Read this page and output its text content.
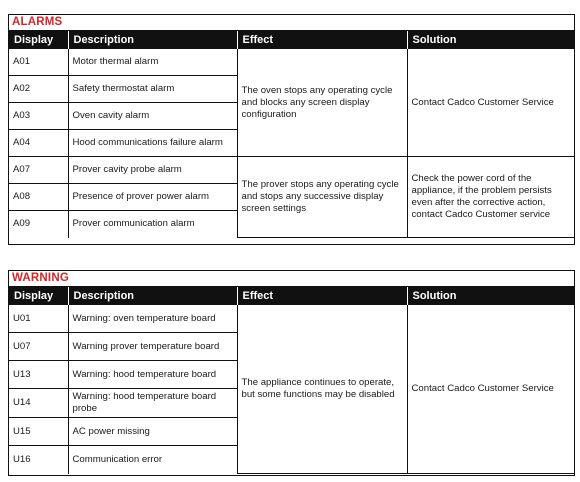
ALARMS
Display	Description	Effect	Solution
A01	Motor thermal alarm	The oven stops any operating cycle and blocks any screen display configuration	Contact Cadco Customer Service
A02	Safety thermostat alarm		
A03	Oven cavity alarm		
A04	Hood communications failure alarm		
A07	Prover cavity probe alarm	The prover stops any operating cycle and stops any successive display screen settings	Check the power cord of the appliance, if the problem persists even after the corrective action, contact Cadco Customer service
A08	Presence of prover power alarm		
A09	Prover communication alarm		
WARNING
Display	Description	Effect	Solution
U01	Warning: oven temperature board	The appliance continues to operate, but some functions may be disabled	Contact Cadco Customer Service
U07	Warning prover temperature board		
U13	Warning: hood temperature board		
U14	Warning: hood temperature board probe		
U15	AC power missing		
U16	Communication error		
